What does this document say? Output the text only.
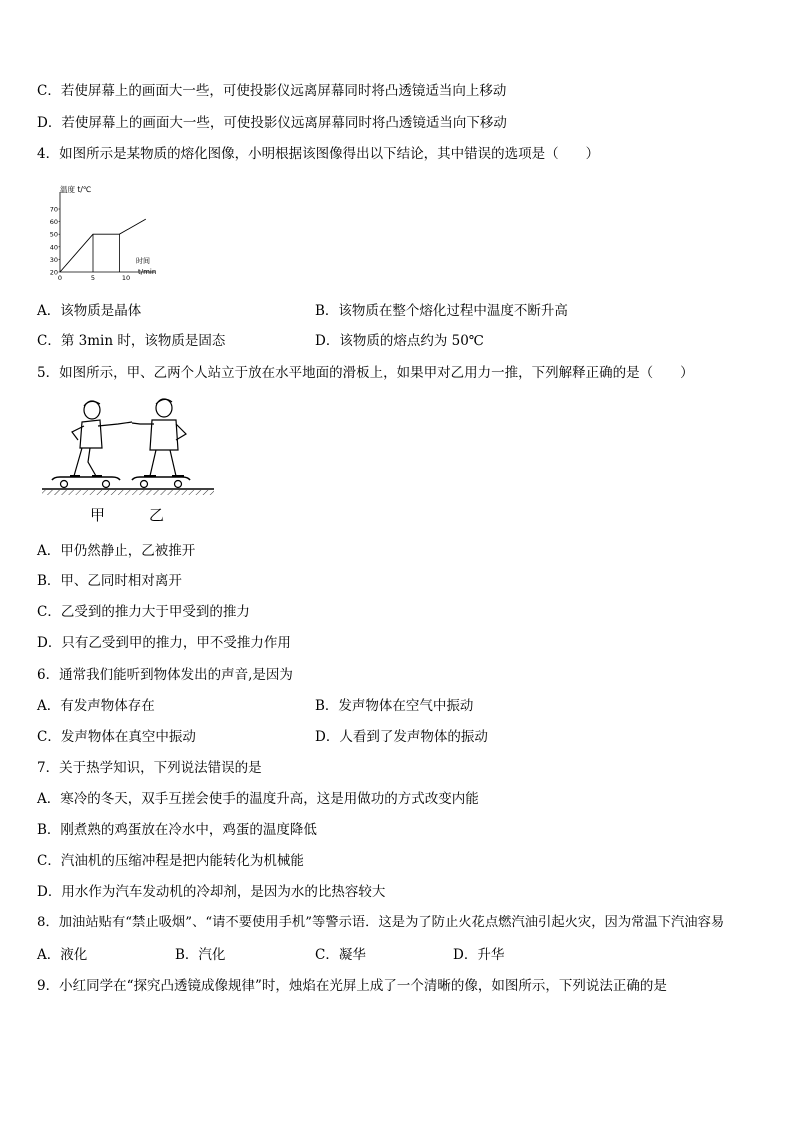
C．若使屏幕上的画面大一些，可使投影仪远离屏幕同时将凸透镜适当向上移动
D．若使屏幕上的画面大一些，可使投影仪远离屏幕同时将凸透镜适当向下移动
4．如图所示是某物质的熔化图像，小明根据该图像得出以下结论，其中错误的选项是（　　）
温度 t/℃
20
30
40
50
60
70
0	5	10
时间
t/min
A．该物质是晶体	B．该物质在整个熔化过程中温度不断升高
C．第 3min 时，该物质是固态	D．该物质的熔点约为 50℃
5．如图所示，甲、乙两个人站立于放在水平地面的滑板上，如果甲对乙用力一推，下列解释正确的是（　　）
甲	乙
A．甲仍然静止，乙被推开
B．甲、乙同时相对离开
C．乙受到的推力大于甲受到的推力
D．只有乙受到甲的推力，甲不受推力作用
6．通常我们能听到物体发出的声音,是因为
A．有发声物体存在	B．发声物体在空气中振动
C．发声物体在真空中振动	D．人看到了发声物体的振动
7．关于热学知识，下列说法错误的是
A．寒冷的冬天，双手互搓会使手的温度升高，这是用做功的方式改变内能
B．刚煮熟的鸡蛋放在冷水中，鸡蛋的温度降低
C．汽油机的压缩冲程是把内能转化为机械能
D．用水作为汽车发动机的冷却剂，是因为水的比热容较大
8．加油站贴有“禁止吸烟”、“请不要使用手机”等警示语．这是为了防止火花点燃汽油引起火灾，因为常温下汽油容易
A．液化	B．汽化	C．凝华	D．升华
9．小红同学在“探究凸透镜成像规律”时，烛焰在光屏上成了一个清晰的像，如图所示，下列说法正确的是
